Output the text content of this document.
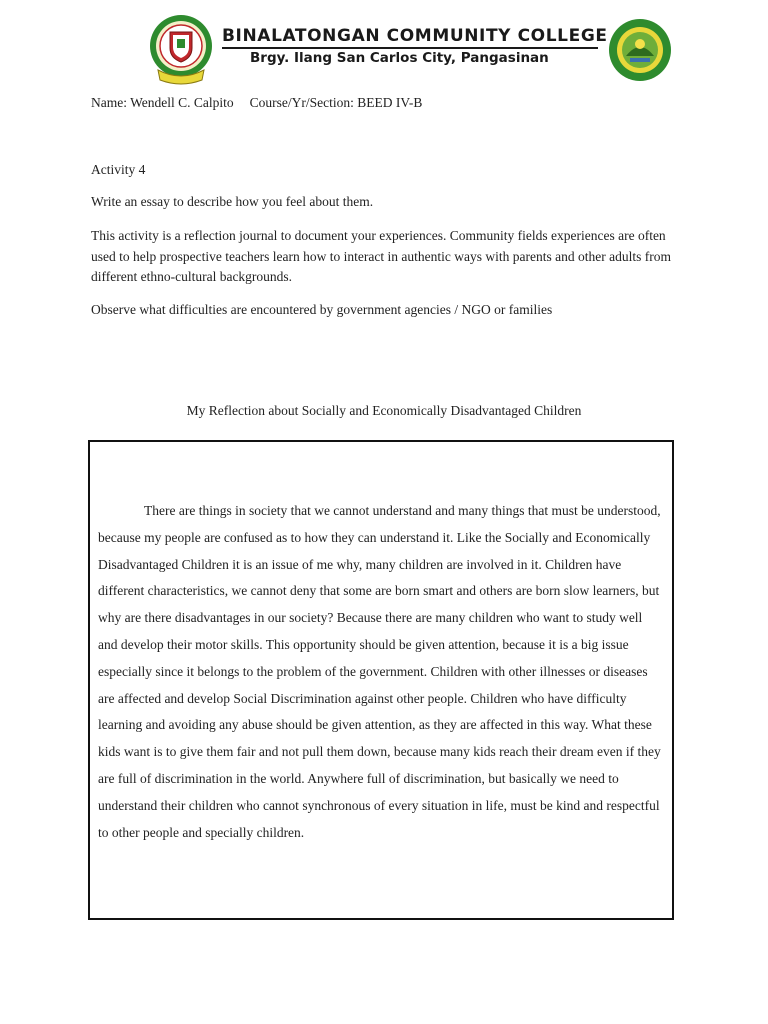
BINALATONGAN COMMUNITY COLLEGE
Brgy. Ilang San Carlos City, Pangasinan
Name: Wendell C. Calpito Course/Yr/Section: BEED IV-B
Activity 4
Write an essay to describe how you feel about them.
This activity is a reflection journal to document your experiences. Community fields experiences are often used to help prospective teachers learn how to interact in authentic ways with parents and other adults from different ethno-cultural backgrounds.
Observe what difficulties are encountered by government agencies / NGO or families
My Reflection about Socially and Economically Disadvantaged Children

There are things in society that we cannot understand and many things that must be understood, because my people are confused as to how they can understand it. Like the Socially and Economically Disadvantaged Children it is an issue of me why, many children are involved in it. Children have different characteristics, we cannot deny that some are born smart and others are born slow learners, but why are there disadvantages in our society? Because there are many children who want to study well and develop their motor skills. This opportunity should be given attention, because it is a big issue especially since it belongs to the problem of the government. Children with other illnesses or diseases are affected and develop Social Discrimination against other people. Children who have difficulty learning and avoiding any abuse should be given attention, as they are affected in this way. What these kids want is to give them fair and not pull them down, because many kids reach their dream even if they are full of discrimination in the world. Anywhere full of discrimination, but basically we need to understand their children who cannot synchronous of every situation in life, must be kind and respectful to other people and specially children.
